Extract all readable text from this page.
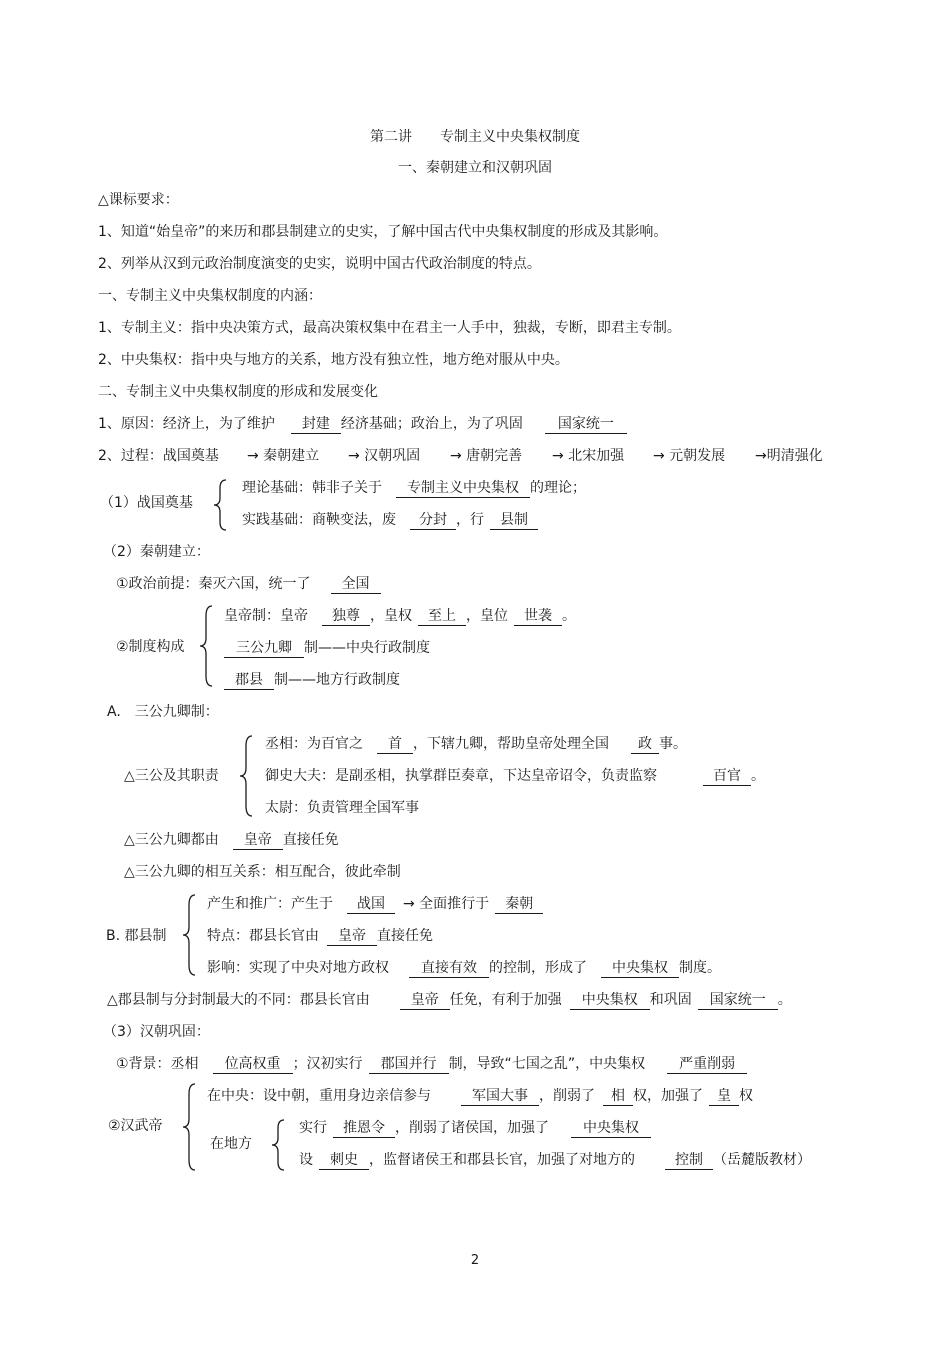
第二讲　　专制主义中央集权制度
一、秦朝建立和汉朝巩固
△课标要求：
1、知道“始皇帝”的来历和郡县制建立的史实，了解中国古代中央集权制度的形成及其影响。
2、列举从汉到元政治制度演变的史实，说明中国古代政治制度的特点。
一、专制主义中央集权制度的内涵：
1、专制主义：指中央决策方式，最高决策权集中在君主一人手中，独裁，专断，即君主专制。
2、中央集权：指中央与地方的关系，地方没有独立性，地方绝对服从中央。
二、专制主义中央集权制度的形成和发展变化
1、原因：经济上，为了维护 封建 经济基础；政治上，为了巩固	国家统一
2、过程：战国奠基 → 秦朝建立 → 汉朝巩固 → 唐朝完善 → 北宋加强 → 元朝发展 →明清强化
（1）战国奠基
理论基础：韩非子关于 专制主义中央集权 的理论；
实践基础：商鞅变法，废 分封 ，行 县制
（2）秦朝建立：
①政治前提：秦灭六国，统一了 全国
②制度构成
皇帝制：皇帝 独尊 ，皇权 至上 ，皇位 世袭 。
三公九卿 制——中央行政制度
郡县 制——地方行政制度
A.　三公九卿制：
△三公及其职责
丞相：为百官之 首 ，下辖九卿，帮助皇帝处理全国 政 事。
御史大夫：是副丞相，执掌群臣奏章，下达皇帝诏令，负责监察	百官 。
太尉：负责管理全国军事
△三公九卿都由 皇帝 直接任免
△三公九卿的相互关系：相互配合，彼此牵制
B. 郡县制
产生和推广：产生于 战国 → 全面推行于 秦朝
特点：郡县长官由 皇帝 直接任免
影响：实现了中央对地方政权 直接有效 的控制，形成了 中央集权 制度。
△郡县制与分封制最大的不同：郡县长官由	皇帝 任免，有利于加强 中央集权 和巩固 国家统一 。
（3）汉朝巩固：
①背景：丞相 位高权重 ；汉初实行 郡国并行 制，导致“七国之乱”，中央集权 严重削弱
②汉武帝
在中央：设中朝，重用身边亲信参与	军国大事 ，削弱了 相 权，加强了 皇 权
在地方
实行 推恩令 ，削弱了诸侯国，加强了 中央集权
设 刺史 ，监督诸侯王和郡县长官，加强了对地方的	控制 （岳麓版教材）
2
